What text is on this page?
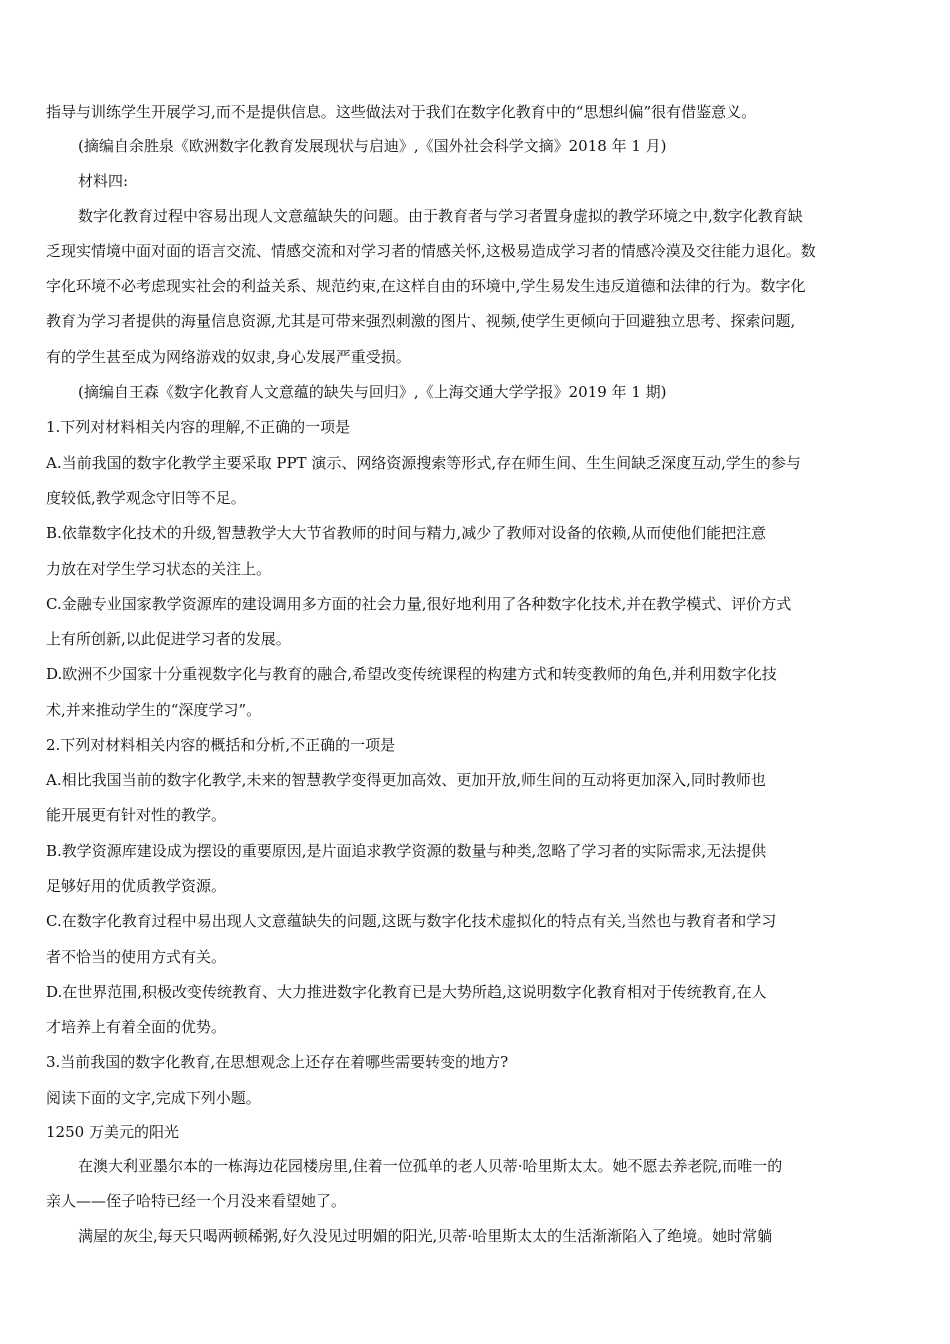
指导与训练学生开展学习,而不是提供信息。这些做法对于我们在数字化教育中的“思想纠偏”很有借鉴意义。
(摘编自余胜泉《欧洲数字化教育发展现状与启迪》,《国外社会科学文摘》2018 年 1 月)
材料四:
数字化教育过程中容易出现人文意蕴缺失的问题。由于教育者与学习者置身虚拟的教学环境之中,数字化教育缺
乏现实情境中面对面的语言交流、情感交流和对学习者的情感关怀,这极易造成学习者的情感冷漠及交往能力退化。数
字化环境不必考虑现实社会的利益关系、规范约束,在这样自由的环境中,学生易发生违反道德和法律的行为。数字化
教育为学习者提供的海量信息资源,尤其是可带来强烈刺激的图片、视频,使学生更倾向于回避独立思考、探索问题,
有的学生甚至成为网络游戏的奴隶,身心发展严重受损。
(摘编自王森《数字化教育人文意蕴的缺失与回归》,《上海交通大学学报》2019 年 1 期)
1.下列对材料相关内容的理解,不正确的一项是
A.当前我国的数字化教学主要采取 PPT 演示、网络资源搜索等形式,存在师生间、生生间缺乏深度互动,学生的参与
度较低,教学观念守旧等不足。
B.依靠数字化技术的升级,智慧教学大大节省教师的时间与精力,减少了教师对设备的依赖,从而使他们能把注意
力放在对学生学习状态的关注上。
C.金融专业国家教学资源库的建设调用多方面的社会力量,很好地利用了各种数字化技术,并在教学模式、评价方式
上有所创新,以此促进学习者的发展。
D.欧洲不少国家十分重视数字化与教育的融合,希望改变传统课程的构建方式和转变教师的角色,并利用数字化技
术,并来推动学生的“深度学习”。
2.下列对材料相关内容的概括和分析,不正确的一项是
A.相比我国当前的数字化教学,未来的智慧教学变得更加高效、更加开放,师生间的互动将更加深入,同时教师也
能开展更有针对性的教学。
B.教学资源库建设成为摆设的重要原因,是片面追求教学资源的数量与种类,忽略了学习者的实际需求,无法提供
足够好用的优质教学资源。
C.在数字化教育过程中易出现人文意蕴缺失的问题,这既与数字化技术虚拟化的特点有关,当然也与教育者和学习
者不恰当的使用方式有关。
D.在世界范围,积极改变传统教育、大力推进数字化教育已是大势所趋,这说明数字化教育相对于传统教育,在人
才培养上有着全面的优势。
3.当前我国的数字化教育,在思想观念上还存在着哪些需要转变的地方?
阅读下面的文字,完成下列小题。
1250 万美元的阳光
在澳大利亚墨尔本的一栋海边花园楼房里,住着一位孤单的老人贝蒂·哈里斯太太。她不愿去养老院,而唯一的
亲人——侄子哈特已经一个月没来看望她了。
满屋的灰尘,每天只喝两顿稀粥,好久没见过明媚的阳光,贝蒂·哈里斯太太的生活渐渐陷入了绝境。她时常躺
